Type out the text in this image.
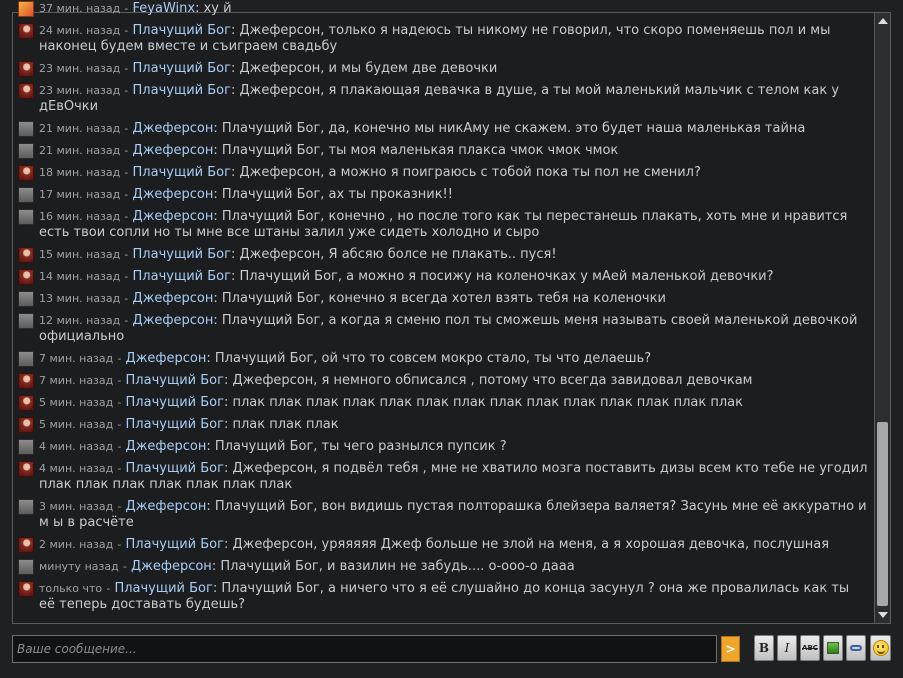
37 мин. назад - FeyaWinx: ху й
24 мин. назад - Плачущий Бог: Джеферсон, только я надеюсь ты никому не говорил, что скоро поменяешь пол и мы наконец будем вместе и съиграем свадьбу
23 мин. назад - Плачущий Бог: Джеферсон, и мы будем две девочки
23 мин. назад - Плачущий Бог: Джеферсон, я плакающая девачка в душе, а ты мой маленький мальчик с телом как у дЕвОчки
21 мин. назад - Джеферсон: Плачущий Бог, да, конечно мы никАму не скажем. это будет наша маленькая тайна
21 мин. назад - Джеферсон: Плачущий Бог, ты моя маленькая плакса чмок чмок чмок
18 мин. назад - Плачущий Бог: Джеферсон, а можно я поиграюсь с тобой пока ты пол не сменил?
17 мин. назад - Джеферсон: Плачущий Бог, ах ты проказник!!
16 мин. назад - Джеферсон: Плачущий Бог, конечно , но после того как ты перестанешь плакать, хоть мне и нравится есть твои сопли но ты мне все штаны залил уже сидеть холодно и сыро
15 мин. назад - Плачущий Бог: Джеферсон, Я абсяю болсе не плакать.. пуся!
14 мин. назад - Плачущий Бог: Плачущий Бог, а можно я посижу на коленочках у мАей маленькой девочки?
13 мин. назад - Джеферсон: Плачущий Бог, конечно я всегда хотел взять тебя на коленочки
12 мин. назад - Джеферсон: Плачущий Бог, а когда я сменю пол ты сможешь меня называть своей маленькой девочкой официально
7 мин. назад - Джеферсон: Плачущий Бог, ой что то совсем мокро стало, ты что делаешь?
7 мин. назад - Плачущий Бог: Джеферсон, я немного обписался , потому что всегда завидовал девочкам
5 мин. назад - Плачущий Бог: плак плак плак плак плак плак плак плак плак плак плак плак плак плак
5 мин. назад - Плачущий Бог: плак плак плак
4 мин. назад - Джеферсон: Плачущий Бог, ты чего разнылся пупсик ?
4 мин. назад - Плачущий Бог: Джеферсон, я подвёл тебя , мне не хватило мозга поставить дизы всем кто тебе не угодил плак плак плак плак плак плак плак
3 мин. назад - Джеферсон: Плачущий Бог, вон видишь пустая полторашка блейзера валяетя? Засунь мне её аккуратно и м ы в расчёте
2 мин. назад - Плачущий Бог: Джеферсон, уряяяяя Джеф больше не злой на меня, а я хорошая девочка, послушная
минуту назад - Джеферсон: Плачущий Бог, и вазилин не забудь.... о-ооо-о дааа
только что - Плачущий Бог: Плачущий Бог, а ничего что я её слушайно до конца засунул ? она же провалилась как ты её теперь доставать будешь?
Ваше сообщение...
>	B	I	ABC
